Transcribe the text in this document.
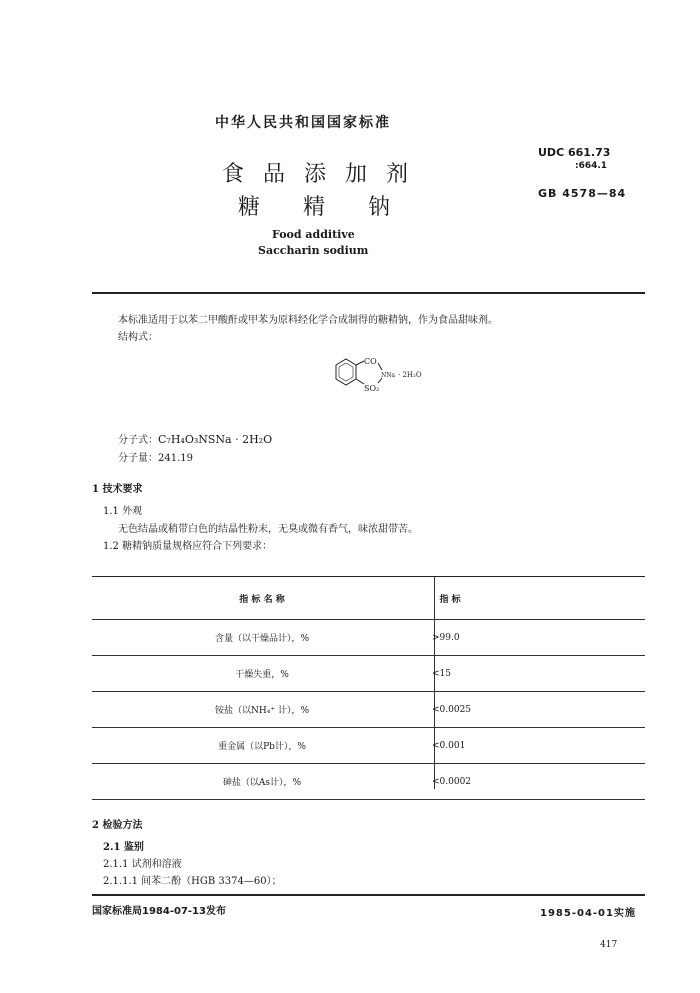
中华人民共和国国家标准
UDC 661.73
:664.1
GB 4578—84
食 品 添 加 剂
糖 精 钠
Food additive
Saccharin sodium
本标准适用于以苯二甲酸酐或甲苯为原料经化学合成制得的糖精钠，作为食品甜味剂。
结构式：
CO
NNa · 2H₂O
SO₂
分子式：C₇H₄O₃NSNa · 2H₂O
分子量：241.19
1 技术要求
1.1 外观
无色结晶或稍带白色的结晶性粉末，无臭或微有香气，味浓甜带苦。
1.2 糖精钠质量规格应符合下列要求：
指 标 名 称		指 标
含量（以干燥品计），%	>	99.0
干燥失重，%	<	15
铵盐（以NH₄⁺ 计），%	<	0.0025
重金属（以Pb计），%	<	0.001
砷盐（以As计），%	<	0.0002
2 检验方法
2.1 鉴别
2.1.1 试剂和溶液
2.1.1.1 间苯二酚（HGB 3374—60）；
国家标准局1984-07-13发布	1985-04-01实施
417
